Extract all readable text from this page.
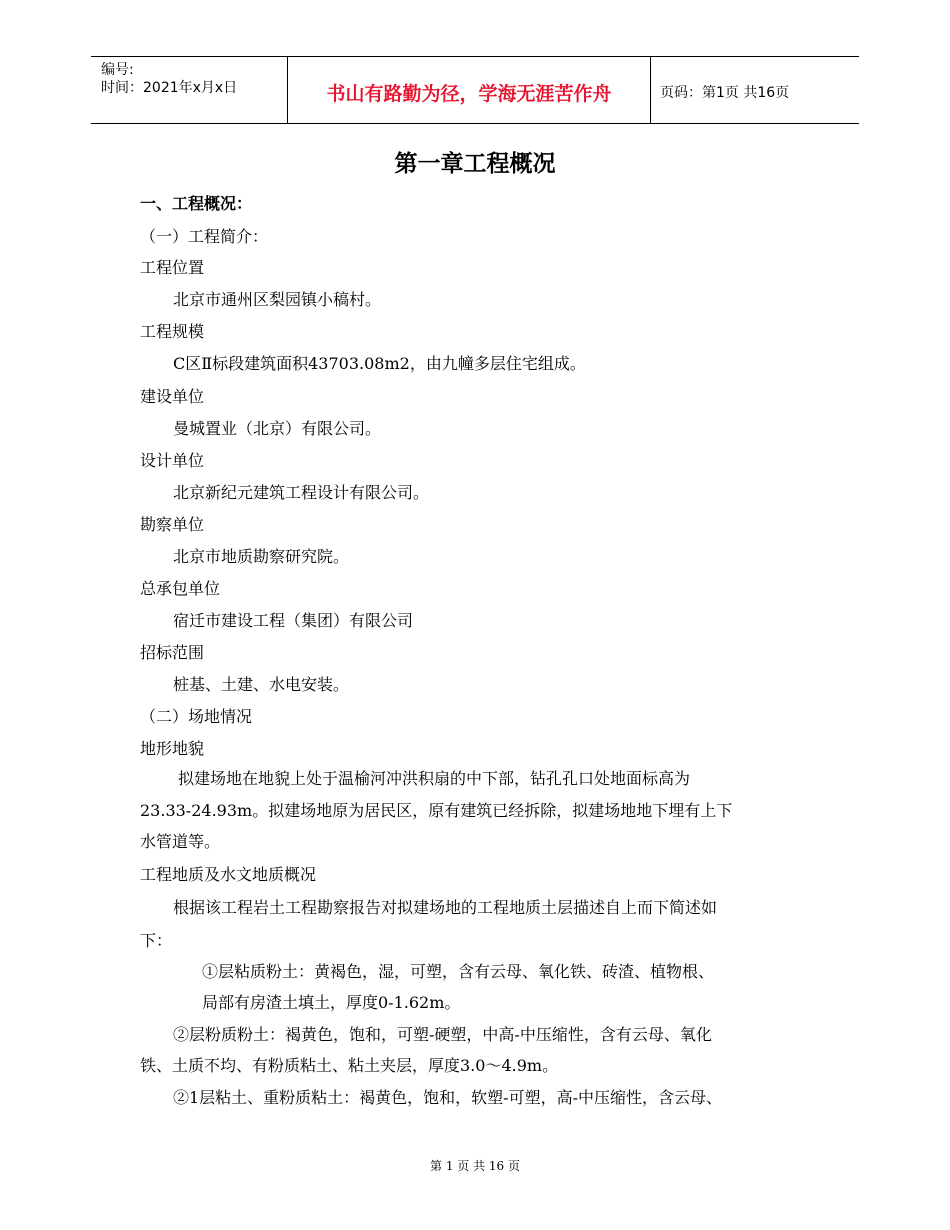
编号:
时间：2021年x月x日	书山有路勤为径，学海无涯苦作舟	页码：第1页 共16页
第一章工程概况
一、工程概况：
（一）工程简介：
工程位置
北京市通州区梨园镇小稿村。
工程规模
C区Ⅱ标段建筑面积43703.08m2，由九幢多层住宅组成。
建设单位
曼城置业（北京）有限公司。
设计单位
北京新纪元建筑工程设计有限公司。
勘察单位
北京市地质勘察研究院。
总承包单位
宿迁市建设工程（集团）有限公司
招标范围
桩基、土建、水电安装。
（二）场地情况
地形地貌
拟建场地在地貌上处于温榆河冲洪积扇的中下部，钻孔孔口处地面标高为
23.33-24.93m。拟建场地原为居民区，原有建筑已经拆除，拟建场地地下埋有上下
水管道等。
工程地质及水文地质概况
根据该工程岩土工程勘察报告对拟建场地的工程地质土层描述自上而下简述如
下：
①层粘质粉土：黄褐色，湿，可塑，含有云母、氧化铁、砖渣、植物根、
局部有房渣土填土，厚度0-1.62m。
②层粉质粉土：褐黄色，饱和，可塑-硬塑，中高-中压缩性，含有云母、氧化
铁、土质不均、有粉质粘土、粘土夹层，厚度3.0～4.9m。
②1层粘土、重粉质粘土：褐黄色，饱和，软塑-可塑，高-中压缩性，含云母、
第 1 页 共 16 页
